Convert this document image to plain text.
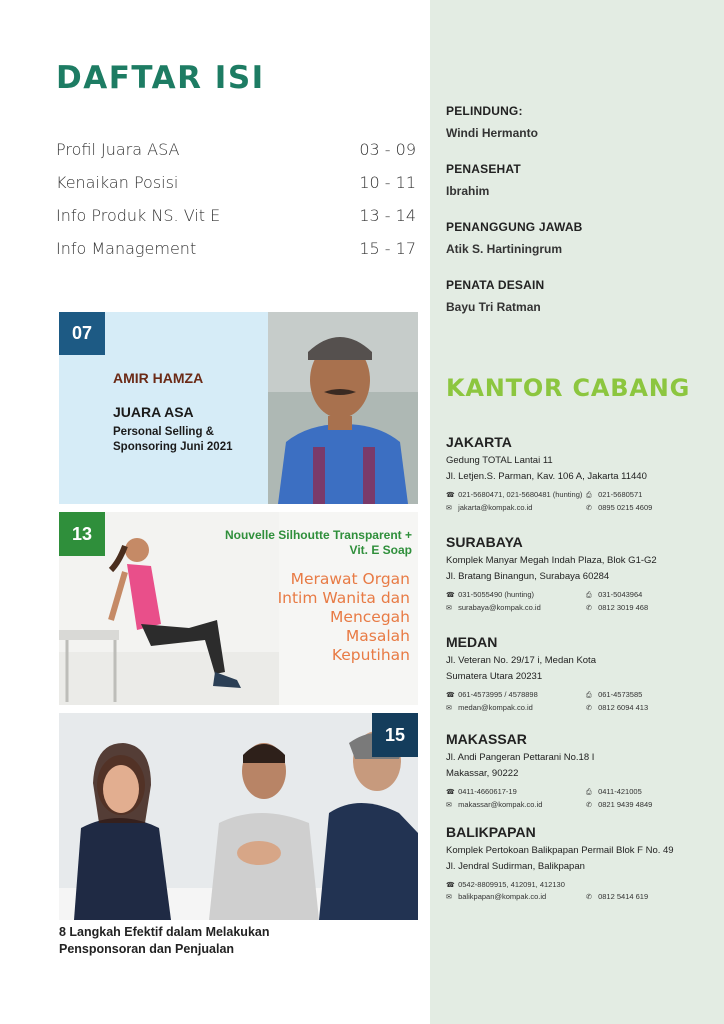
DAFTAR ISI
Profil Juara ASA	03 - 09
Kenaikan Posisi	10 - 11
Info Produk NS. Vit E	13 - 14
Info Management	15 - 17
PELINDUNG:
Windi Hermanto
PENASEHAT
Ibrahim
PENANGGUNG JAWAB
Atik S. Hartiningrum
PENATA DESAIN
Bayu Tri Ratman
KANTOR CABANG
JAKARTA
Gedung TOTAL Lantai 11
Jl. Letjen.S. Parman, Kav. 106 A, Jakarta 11440
☎ 021-5680471, 021-5680481 (hunting) ⎙ 021-5680571
✉ jakarta@kompak.co.id	✆ 0895 0215 4609
SURABAYA
Komplek Manyar Megah Indah Plaza, Blok G1-G2
Jl. Bratang Binangun, Surabaya 60284
☎ 031-5055490 (hunting)	⎙ 031-5043964
✉ surabaya@kompak.co.id	✆ 0812 3019 468
MEDAN
Jl. Veteran No. 29/17 i, Medan Kota
Sumatera Utara 20231
☎ 061-4573995 / 4578898	⎙ 061-4573585
✉ medan@kompak.co.id	✆ 0812 6094 413
MAKASSAR
Jl. Andi Pangeran Pettarani No.18 I
Makassar, 90222
☎ 0411-4660617-19	⎙ 0411-421005
✉ makassar@kompak.co.id	✆ 0821 9439 4849
BALIKPAPAN
Komplek Pertokoan Balikpapan Permail Blok F No. 49
Jl. Jendral Sudirman, Balikpapan
☎ 0542-8809915, 412091, 412130
✉ balikpapan@kompak.co.id	✆ 0812 5414 619
07
AMIR HAMZA
JUARA ASA
Personal Selling & Sponsoring Juni 2021
13	Nouvelle Silhoutte Transparent + Vit. E Soap
Merawat Organ Intim Wanita dan Mencegah Masalah Keputihan
15
8 Langkah Efektif dalam Melakukan Pensponsoran dan Penjualan
